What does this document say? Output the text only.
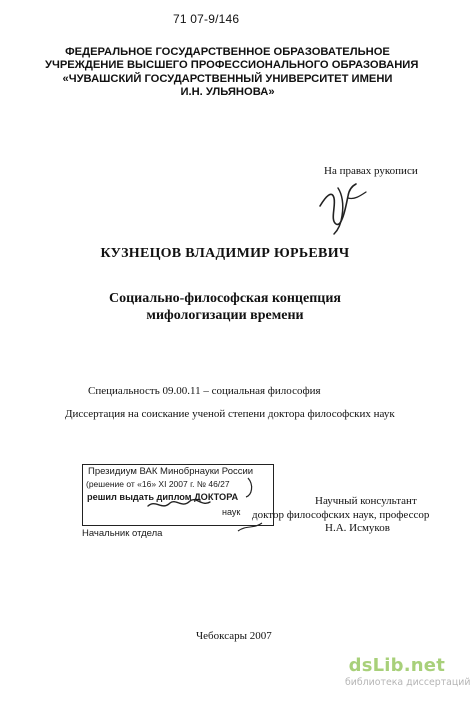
71 07-9/146
ФЕДЕРАЛЬНОЕ ГОСУДАРСТВЕННОЕ ОБРАЗОВАТЕЛЬНОЕ
УЧРЕЖДЕНИЕ ВЫСШЕГО ПРОФЕССИОНАЛЬНОГО ОБРАЗОВАНИЯ
«ЧУВАШСКИЙ ГОСУДАРСТВЕННЫЙ УНИВЕРСИТЕТ ИМЕНИ
И.Н. УЛЬЯНОВА»
На правах рукописи
КУЗНЕЦОВ ВЛАДИМИР ЮРЬЕВИЧ
Социально-философская концепция
мифологизации времени
Специальность 09.00.11 – социальная философия
Диссертация на соискание ученой степени доктора философских наук
Президиум ВАК Минобрнауки России
(решение от «16» XI 2007 г. № 46/27
решил выдать диплом ДОКТОРА
наук
Начальник отдела
Научный консультант
доктор философских наук, профессор
Н.А. Исмуков
Чебоксары 2007
dsLib.net
библиотека диссертаций
